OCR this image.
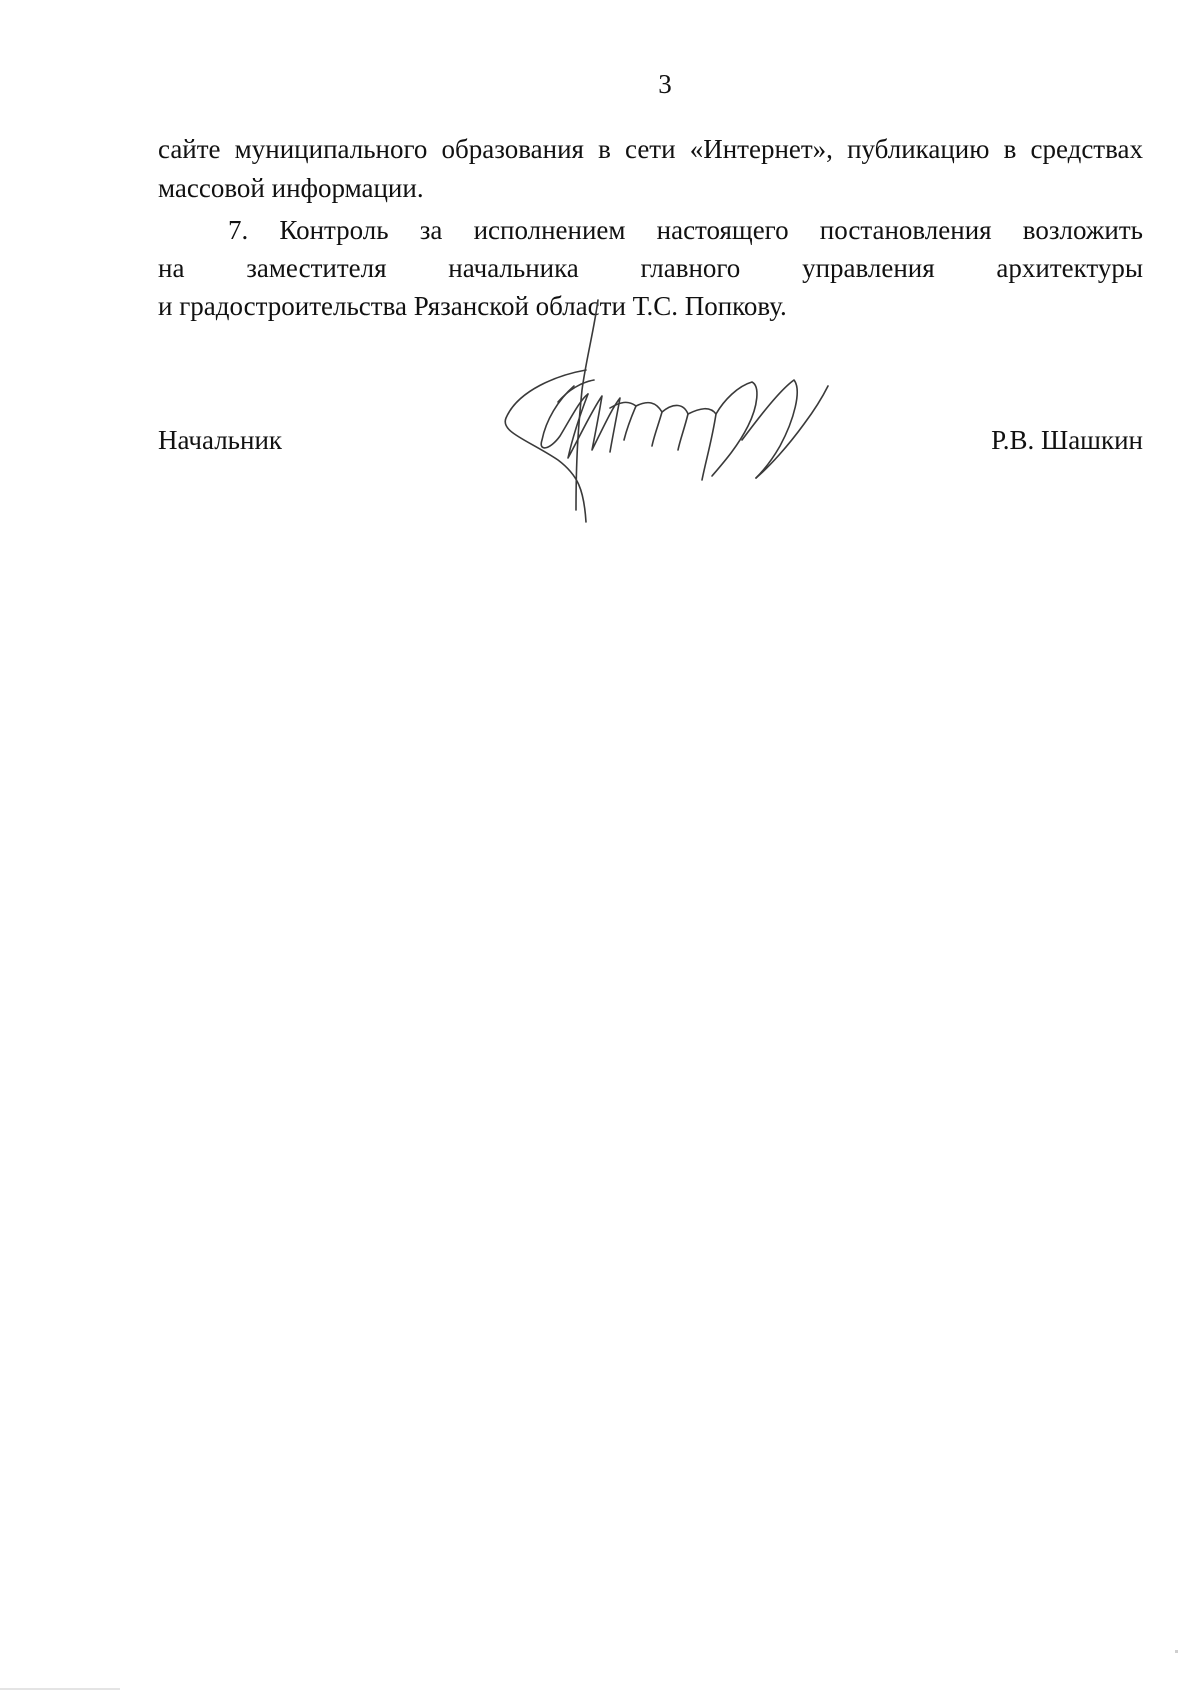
3
сайте муниципального образования в сети «Интернет», публикацию в средствах
массовой информации.
7. Контроль за исполнением настоящего постановления возложить
на заместителя начальника главного управления архитектуры
и градостроительства Рязанской области Т.С. Попкову.
Начальник	Р.В. Шашкин
